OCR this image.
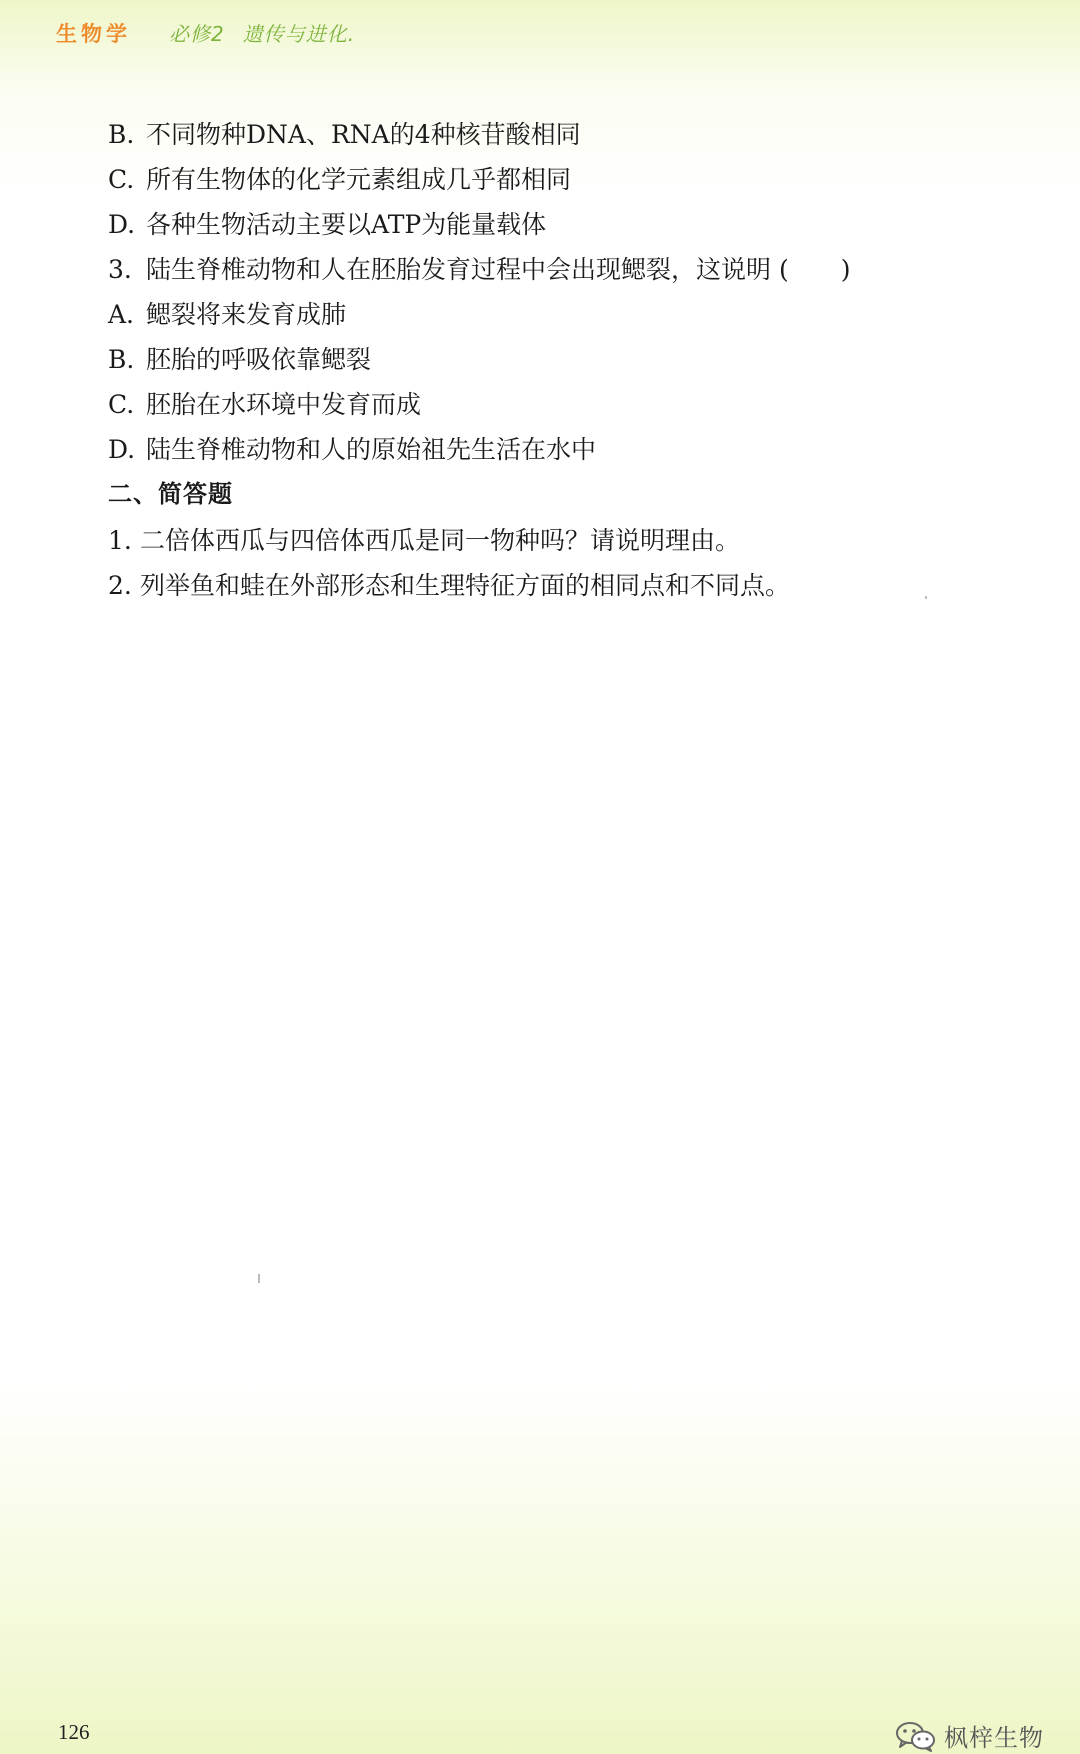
生物学 必修2 遗传与进化.
B. 不同物种DNA、RNA的4种核苷酸相同
C. 所有生物体的化学元素组成几乎都相同
D. 各种生物活动主要以ATP为能量载体
3. 陆生脊椎动物和人在胚胎发育过程中会出现鳃裂，这说明 ( )
A. 鳃裂将来发育成肺
B. 胚胎的呼吸依靠鳃裂
C. 胚胎在水环境中发育而成
D. 陆生脊椎动物和人的原始祖先生活在水中
二、简答题
1. 二倍体西瓜与四倍体西瓜是同一物种吗？请说明理由。
2. 列举鱼和蛙在外部形态和生理特征方面的相同点和不同点。
126	枫梓生物
